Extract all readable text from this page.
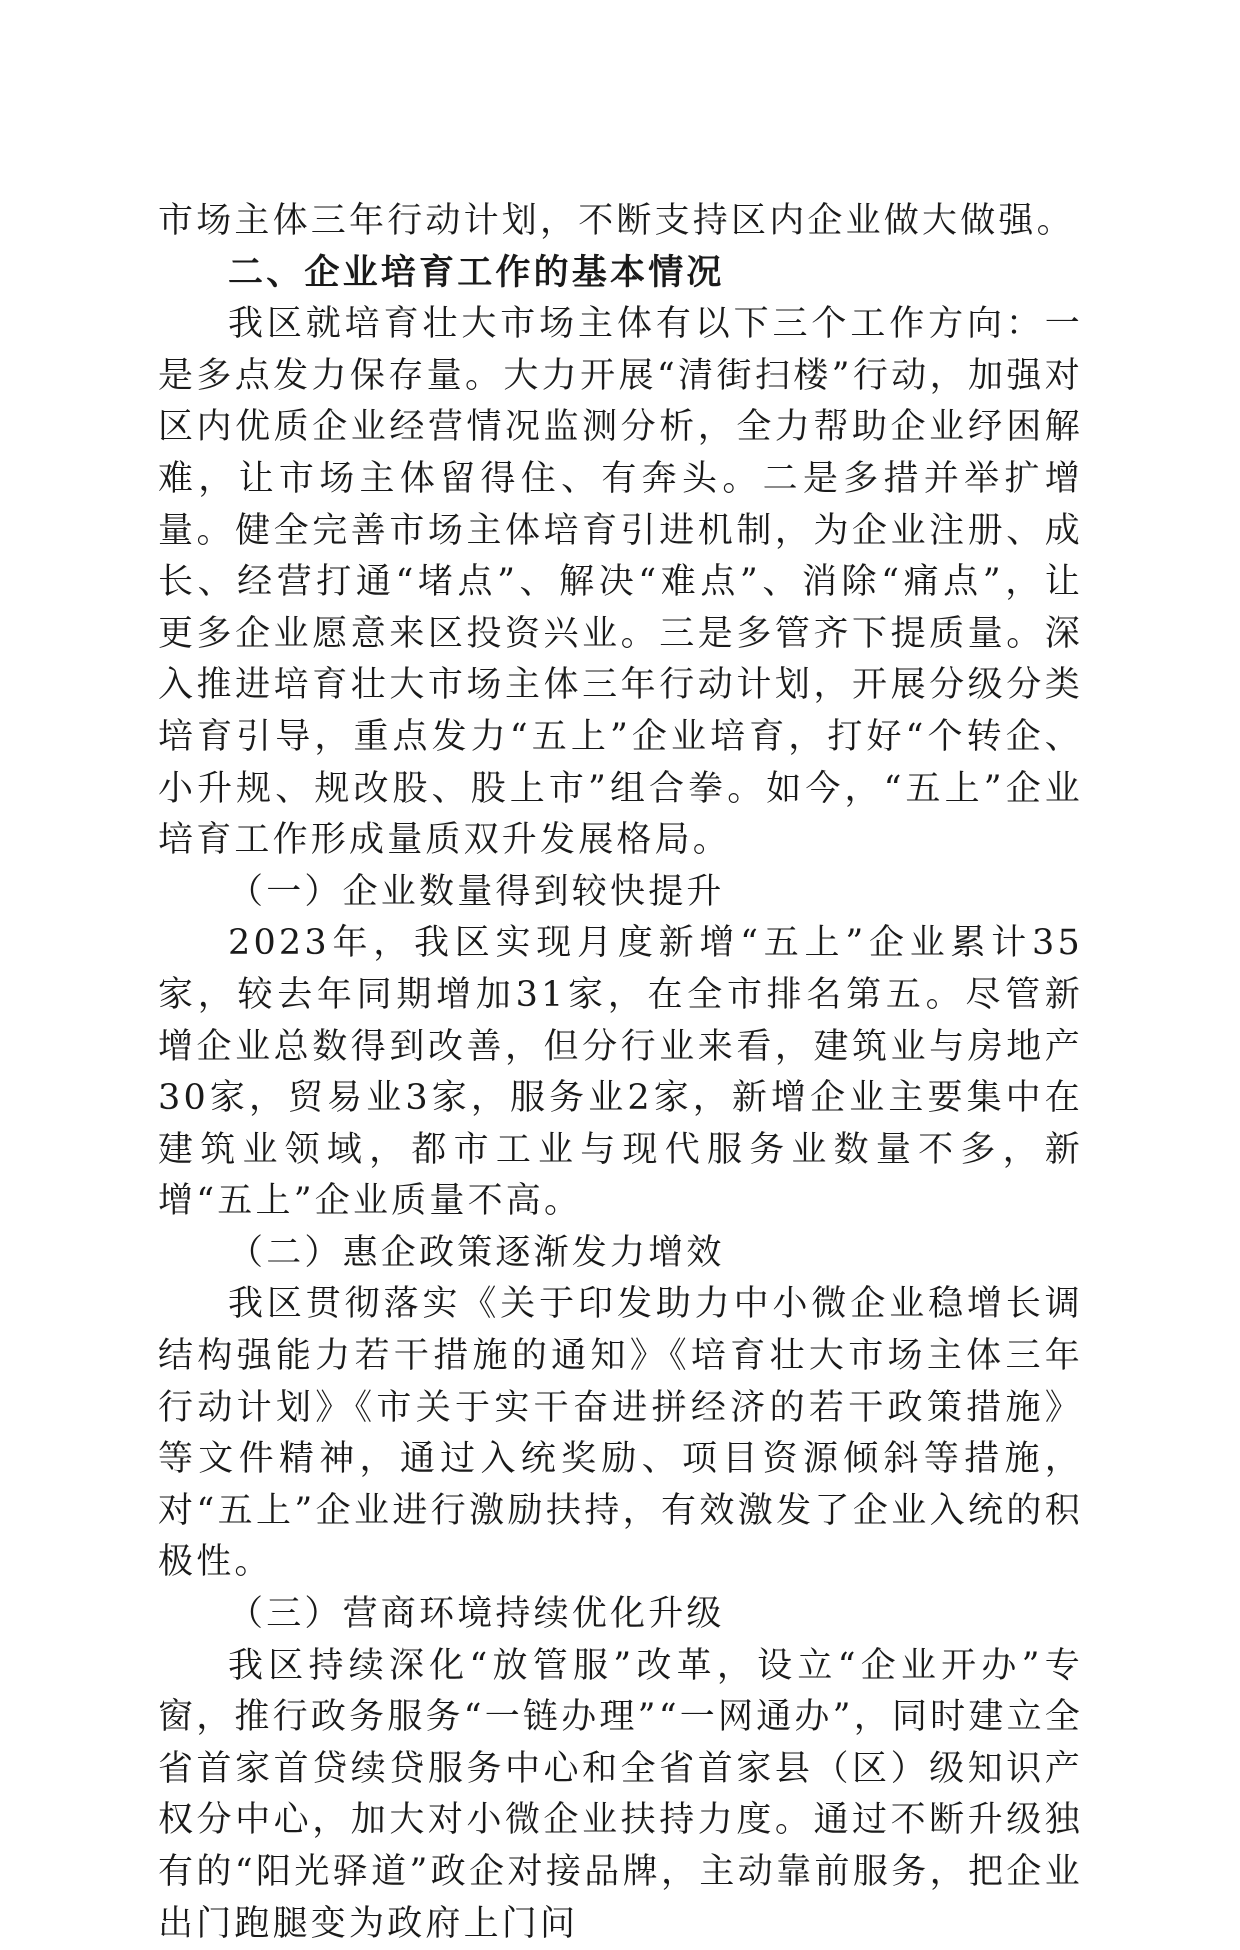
市场主体三年行动计划，不断支持区内企业做大做强。

二、企业培育工作的基本情况

我区就培育壮大市场主体有以下三个工作方向：一是多点发力保存量。大力开展“清街扫楼”行动，加强对区内优质企业经营情况监测分析，全力帮助企业纾困解难，让市场主体留得住、有奔头。二是多措并举扩增量。健全完善市场主体培育引进机制，为企业注册、成长、经营打通“堵点”、解决“难点”、消除“痛点”，让更多企业愿意来区投资兴业。三是多管齐下提质量。深入推进培育壮大市场主体三年行动计划，开展分级分类培育引导，重点发力“五上”企业培育，打好“个转企、小升规、规改股、股上市”组合拳。如今，“五上”企业培育工作形成量质双升发展格局。

（一）企业数量得到较快提升

2023年，我区实现月度新增“五上”企业累计35家，较去年同期增加31家，在全市排名第五。尽管新增企业总数得到改善，但分行业来看，建筑业与房地产30家，贸易业3家，服务业2家，新增企业主要集中在建筑业领域，都市工业与现代服务业数量不多，新增“五上”企业质量不高。

（二）惠企政策逐渐发力增效

我区贯彻落实《关于印发助力中小微企业稳增长调结构强能力若干措施的通知》《培育壮大市场主体三年行动计划》《市关于实干奋进拼经济的若干政策措施》等文件精神，通过入统奖励、项目资源倾斜等措施，对“五上”企业进行激励扶持，有效激发了企业入统的积极性。

（三）营商环境持续优化升级

我区持续深化“放管服”改革，设立“企业开办”专窗，推行政务服务“一链办理”“一网通办”，同时建立全省首家首贷续贷服务中心和全省首家县（区）级知识产权分中心，加大对小微企业扶持力度。通过不断升级独有的“阳光驿道”政企对接品牌，主动靠前服务，把企业出门跑腿变为政府上门问
